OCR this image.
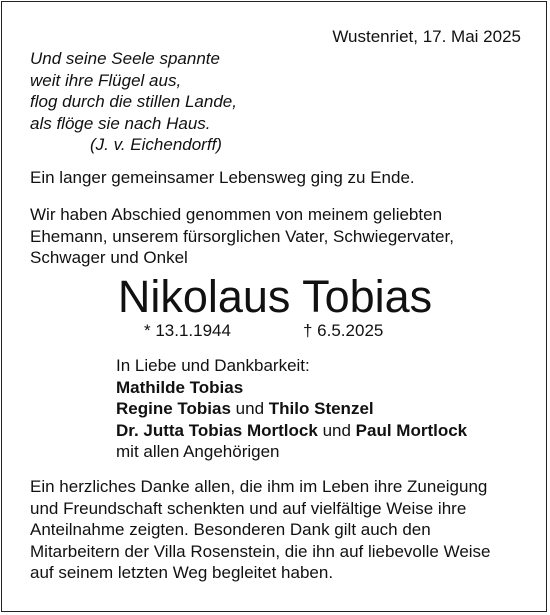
Wustenriet, 17. Mai 2025
Und seine Seele spannte
weit ihre Flügel aus,
flog durch die stillen Lande,
als flöge sie nach Haus.
(J. v. Eichendorff)
Ein langer gemeinsamer Lebensweg ging zu Ende.
Wir haben Abschied genommen von meinem geliebten
Ehemann, unserem fürsorglichen Vater, Schwiegervater,
Schwager und Onkel
Nikolaus Tobias
* 13.1.1944	† 6.5.2025
In Liebe und Dankbarkeit:
Mathilde Tobias
Regine Tobias und Thilo Stenzel
Dr. Jutta Tobias Mortlock und Paul Mortlock
mit allen Angehörigen
Ein herzliches Danke allen, die ihm im Leben ihre Zuneigung
und Freundschaft schenkten und auf vielfältige Weise ihre
Anteilnahme zeigten. Besonderen Dank gilt auch den
Mitarbeitern der Villa Rosenstein, die ihn auf liebevolle Weise
auf seinem letzten Weg begleitet haben.
